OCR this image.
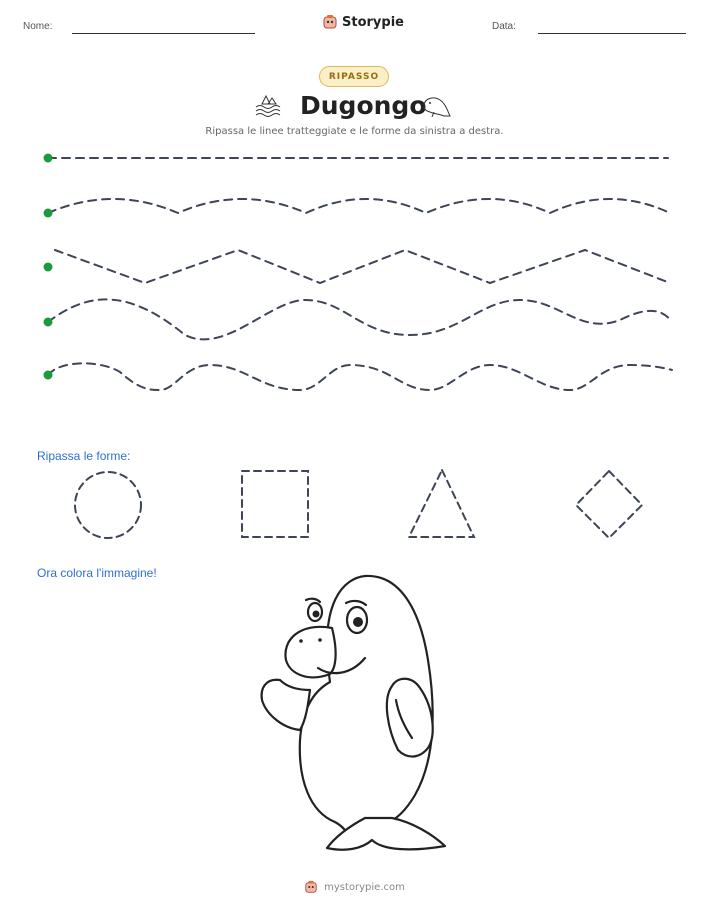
Nome:	Storypie	Data:
RIPASSO
Dugongo
Ripassa le linee tratteggiate e le forme da sinistra a destra.
Ripassa le forme:
Ora colora l'immagine!
mystorypie.com
